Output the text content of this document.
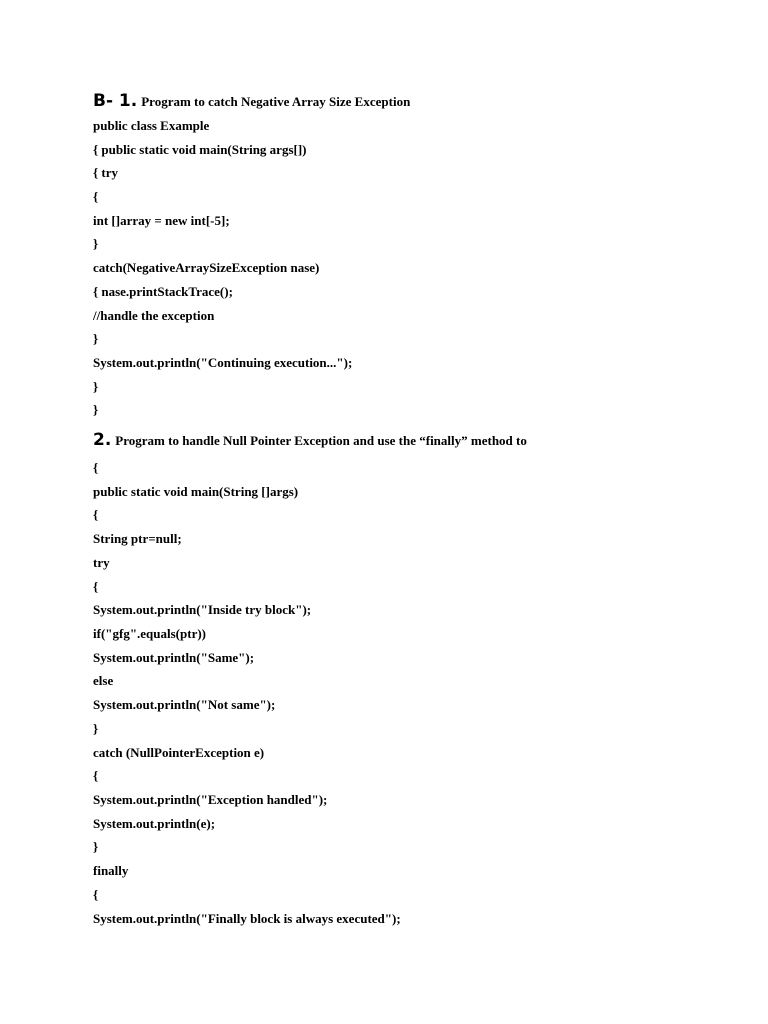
B- 1. Program to catch Negative Array Size Exception
public class Example
{ public static void main(String args[])
{ try
{
int []array = new int[-5];
}
catch(NegativeArraySizeException nase)
{ nase.printStackTrace();
//handle the exception
}
System.out.println("Continuing execution...");
}
}
2. Program to handle Null Pointer Exception and use the “finally” method to
{
public static void main(String []args)
{
String ptr=null;
try
{
System.out.println("Inside try block");
if("gfg".equals(ptr))
System.out.println("Same");
else
System.out.println("Not same");
}
catch (NullPointerException e)
{
System.out.println("Exception handled");
System.out.println(e);
}
finally
{
System.out.println("Finally block is always executed");
